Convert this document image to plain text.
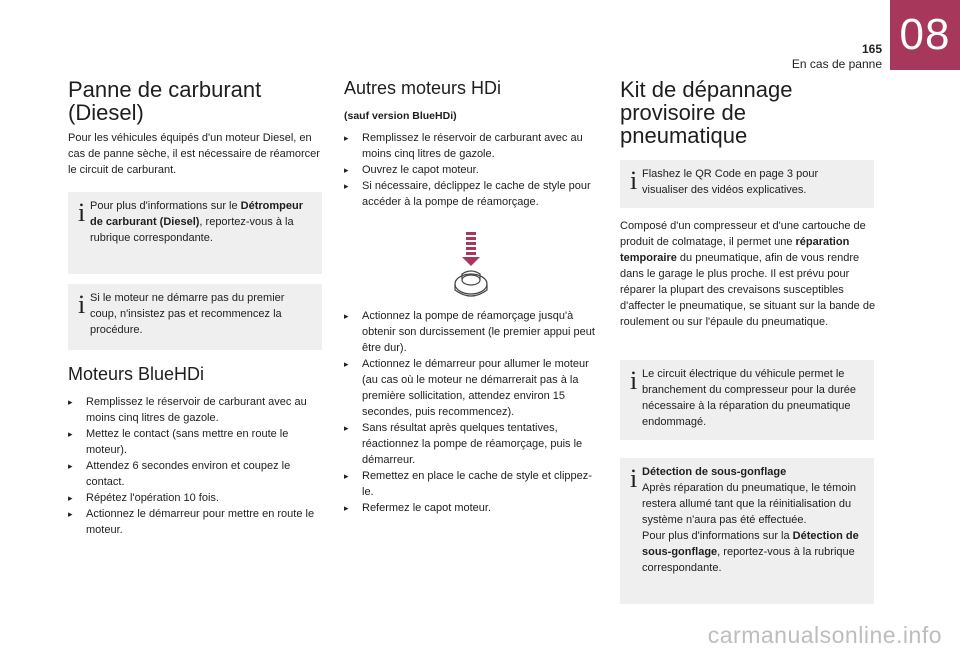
165
En cas de panne
08
Panne de carburant
(Diesel)

Pour les véhicules équipés d'un moteur Diesel, en cas de panne sèche, il est nécessaire de réamorcer le circuit de carburant.

i Pour plus d'informations sur le Détrompeur de carburant (Diesel), reportez-vous à la rubrique correspondante.
i Si le moteur ne démarre pas du premier coup, n'insistez pas et recommencez la procédure.
Moteurs BlueHDi
▸ Remplissez le réservoir de carburant avec au moins cinq litres de gazole.
▸ Mettez le contact (sans mettre en route le moteur).
▸ Attendez 6 secondes environ et coupez le contact.
▸ Répétez l'opération 10 fois.
▸ Actionnez le démarreur pour mettre en route le moteur.
Autres moteurs HDi

(sauf version BlueHDi)

▸ Remplissez le réservoir de carburant avec au moins cinq litres de gazole.
▸ Ouvrez le capot moteur.
▸ Si nécessaire, déclippez le cache de style pour accéder à la pompe de réamorçage.
▸ Actionnez la pompe de réamorçage jusqu'à obtenir son durcissement (le premier appui peut être dur).
▸ Actionnez le démarreur pour allumer le moteur (au cas où le moteur ne démarrerait pas à la première sollicitation, attendez environ 15 secondes, puis recommencez).
▸ Sans résultat après quelques tentatives, réactionnez la pompe de réamorçage, puis le démarreur.
▸ Remettez en place le cache de style et clippez-le.
▸ Refermez le capot moteur.
Kit de dépannage
provisoire de
pneumatique
i Flashez le QR Code en page 3 pour visualiser des vidéos explicatives.

Composé d'un compresseur et d'une cartouche de produit de colmatage, il permet une réparation temporaire du pneumatique, afin de vous rendre dans le garage le plus proche. Il est prévu pour réparer la plupart des crevaisons susceptibles d'affecter le pneumatique, se situant sur la bande de roulement ou sur l'épaule du pneumatique.

i Le circuit électrique du véhicule permet le branchement du compresseur pour la durée nécessaire à la réparation du pneumatique endommagé.
i Détection de sous-gonflage
Après réparation du pneumatique, le témoin restera allumé tant que la réinitialisation du système n'aura pas été effectuée.
Pour plus d'informations sur la Détection de sous-gonflage, reportez-vous à la rubrique correspondante.
carmanualsonline.info
